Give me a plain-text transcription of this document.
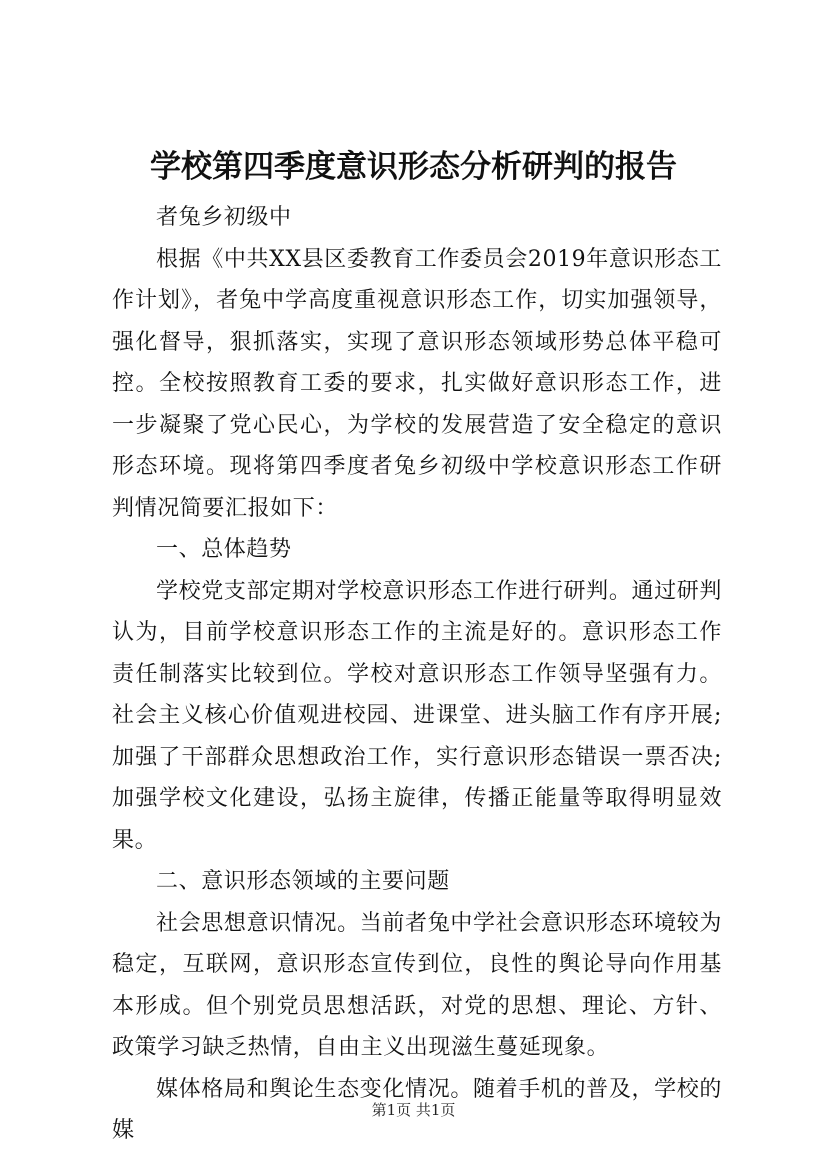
学校第四季度意识形态分析研判的报告

者兔乡初级中

根据《中共XX县区委教育工作委员会2019年意识形态工作计划》，者兔中学高度重视意识形态工作，切实加强领导，强化督导，狠抓落实，实现了意识形态领域形势总体平稳可控。全校按照教育工委的要求，扎实做好意识形态工作，进一步凝聚了党心民心，为学校的发展营造了安全稳定的意识形态环境。现将第四季度者兔乡初级中学校意识形态工作研判情况简要汇报如下：

一、总体趋势

学校党支部定期对学校意识形态工作进行研判。通过研判认为，目前学校意识形态工作的主流是好的。意识形态工作责任制落实比较到位。学校对意识形态工作领导坚强有力。社会主义核心价值观进校园、进课堂、进头脑工作有序开展;加强了干部群众思想政治工作，实行意识形态错误一票否决;加强学校文化建设，弘扬主旋律，传播正能量等取得明显效果。

二、意识形态领域的主要问题

社会思想意识情况。当前者兔中学社会意识形态环境较为稳定，互联网，意识形态宣传到位，良性的舆论导向作用基本形成。但个别党员思想活跃，对党的思想、理论、方针、政策学习缺乏热情，自由主义出现滋生蔓延现象。

媒体格局和舆论生态变化情况。随着手机的普及，学校的媒

第1页 共1页
